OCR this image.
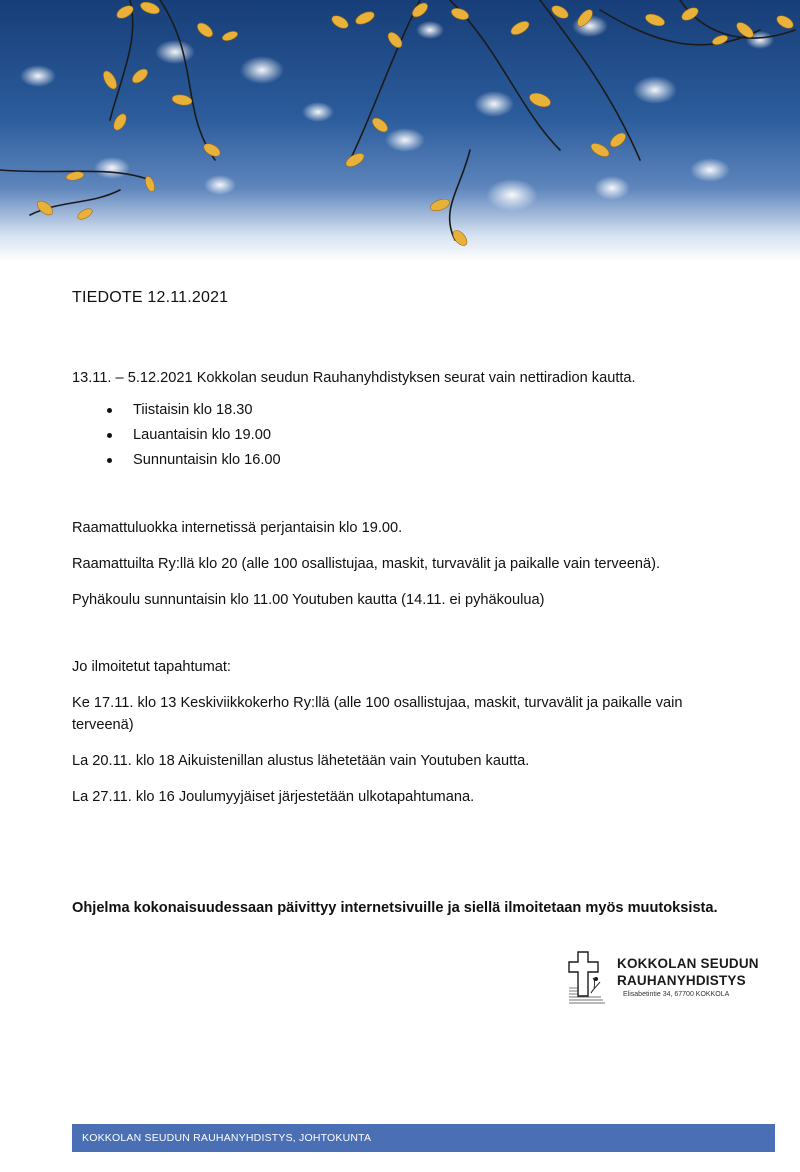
TIEDOTE 12.11.2021
13.11. – 5.12.2021 Kokkolan seudun Rauhanyhdistyksen seurat vain nettiradion kautta.
Tiistaisin klo 18.30
Lauantaisin klo 19.00
Sunnuntaisin klo 16.00
Raamattuluokka internetissä perjantaisin klo 19.00.
Raamattuilta Ry:llä klo 20 (alle 100 osallistujaa, maskit, turvavälit ja paikalle vain terveenä).
Pyhäkoulu sunnuntaisin klo 11.00 Youtuben kautta (14.11. ei pyhäkoulua)
Jo ilmoitetut tapahtumat:
Ke 17.11. klo 13 Keskiviikkokerho Ry:llä (alle 100 osallistujaa, maskit, turvavälit ja paikalle vain terveenä)
La 20.11. klo 18 Aikuistenillan alustus lähetetään vain Youtuben kautta.
La 27.11. klo 16 Joulumyyjäiset järjestetään ulkotapahtumana.
Ohjelma kokonaisuudessaan päivittyy internetsivuille ja siellä ilmoitetaan myös muutoksista.
KOKKOLAN SEUDUN
RAUHANYHDISTYS
Elisabetintie 34, 67700 KOKKOLA
KOKKOLAN SEUDUN RAUHANYHDISTYS, JOHTOKUNTA
